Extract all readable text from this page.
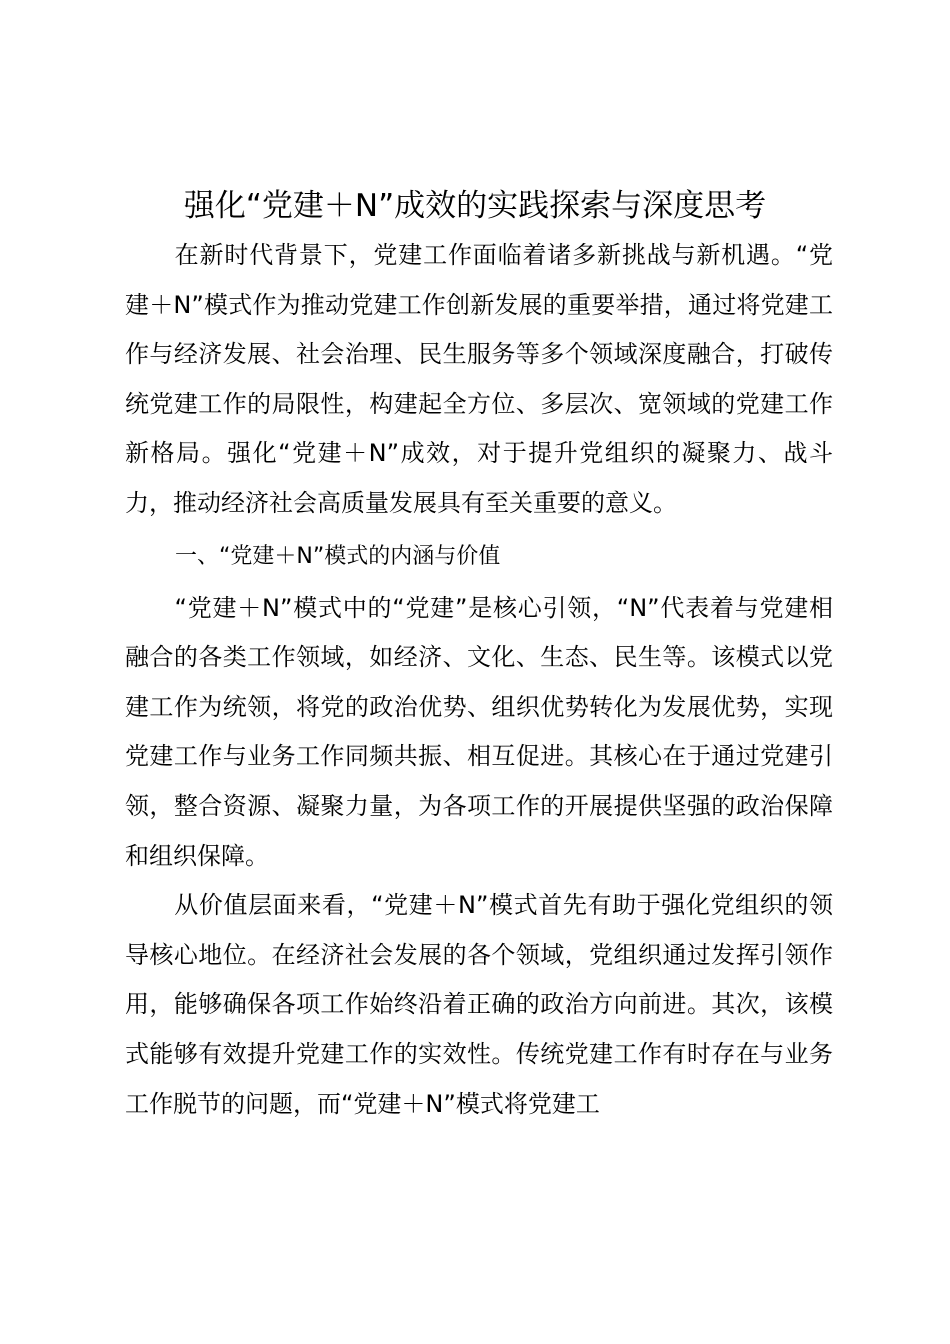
强化“党建＋N”成效的实践探索与深度思考

　　在新时代背景下，党建工作面临着诸多新挑战与新机遇。“党建＋N”模式作为推动党建工作创新发展的重要举措，通过将党建工作与经济发展、社会治理、民生服务等多个领域深度融合，打破传统党建工作的局限性，构建起全方位、多层次、宽领域的党建工作新格局。强化“党建＋N”成效，对于提升党组织的凝聚力、战斗力，推动经济社会高质量发展具有至关重要的意义。

一、“党建＋N”模式的内涵与价值

　　“党建＋N”模式中的“党建”是核心引领，“N”代表着与党建相融合的各类工作领域，如经济、文化、生态、民生等。该模式以党建工作为统领，将党的政治优势、组织优势转化为发展优势，实现党建工作与业务工作同频共振、相互促进。其核心在于通过党建引领，整合资源、凝聚力量，为各项工作的开展提供坚强的政治保障和组织保障。

　　从价值层面来看，“党建＋N”模式首先有助于强化党组织的领导核心地位。在经济社会发展的各个领域，党组织通过发挥引领作用，能够确保各项工作始终沿着正确的政治方向前进。其次，该模式能够有效提升党建工作的实效性。传统党建工作有时存在与业务工作脱节的问题，而“党建＋N”模式将党建工
